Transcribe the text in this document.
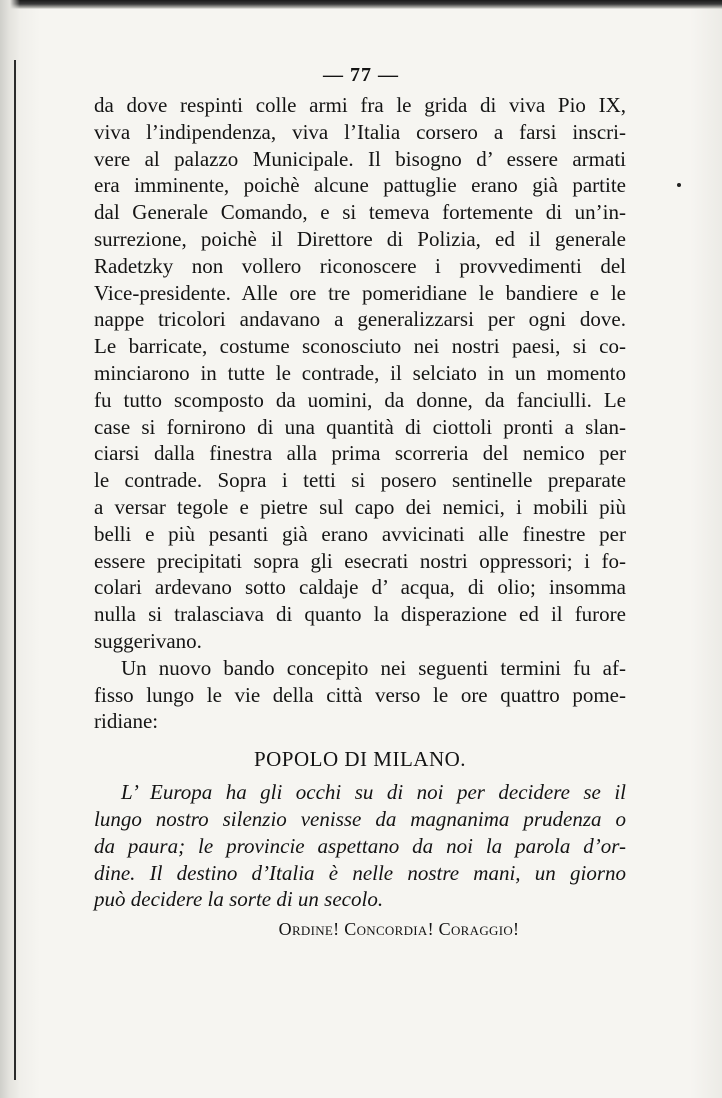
— 77 —
da dove respinti colle armi fra le grida di viva Pio IX,
viva l’indipendenza, viva l’Italia corsero a farsi inscri-
vere al palazzo Municipale. Il bisogno d’ essere armati
era imminente, poichè alcune pattuglie erano già partite
dal Generale Comando, e si temeva fortemente di un’in-
surrezione, poichè il Direttore di Polizia, ed il generale
Radetzky non vollero riconoscere i provvedimenti del
Vice-presidente. Alle ore tre pomeridiane le bandiere e le
nappe tricolori andavano a generalizzarsi per ogni dove.
Le barricate, costume sconosciuto nei nostri paesi, si co-
minciarono in tutte le contrade, il selciato in un momento
fu tutto scomposto da uomini, da donne, da fanciulli. Le
case si fornirono di una quantità di ciottoli pronti a slan-
ciarsi dalla finestra alla prima scorreria del nemico per
le contrade. Sopra i tetti si posero sentinelle preparate
a versar tegole e pietre sul capo dei nemici, i mobili più
belli e più pesanti già erano avvicinati alle finestre per
essere precipitati sopra gli esecrati nostri oppressori; i fo-
colari ardevano sotto caldaje d’ acqua, di olio; insomma
nulla si tralasciava di quanto la disperazione ed il furore
suggerivano.
Un nuovo bando concepito nei seguenti termini fu af-
fisso lungo le vie della città verso le ore quattro pome-
ridiane:
POPOLO DI MILANO.
L’ Europa ha gli occhi su di noi per decidere se il
lungo nostro silenzio venisse da magnanima prudenza o
da paura; le provincie aspettano da noi la parola d’or-
dine. Il destino d’Italia è nelle nostre mani, un giorno
può decidere la sorte di un secolo.
Ordine! Concordia! Coraggio!
